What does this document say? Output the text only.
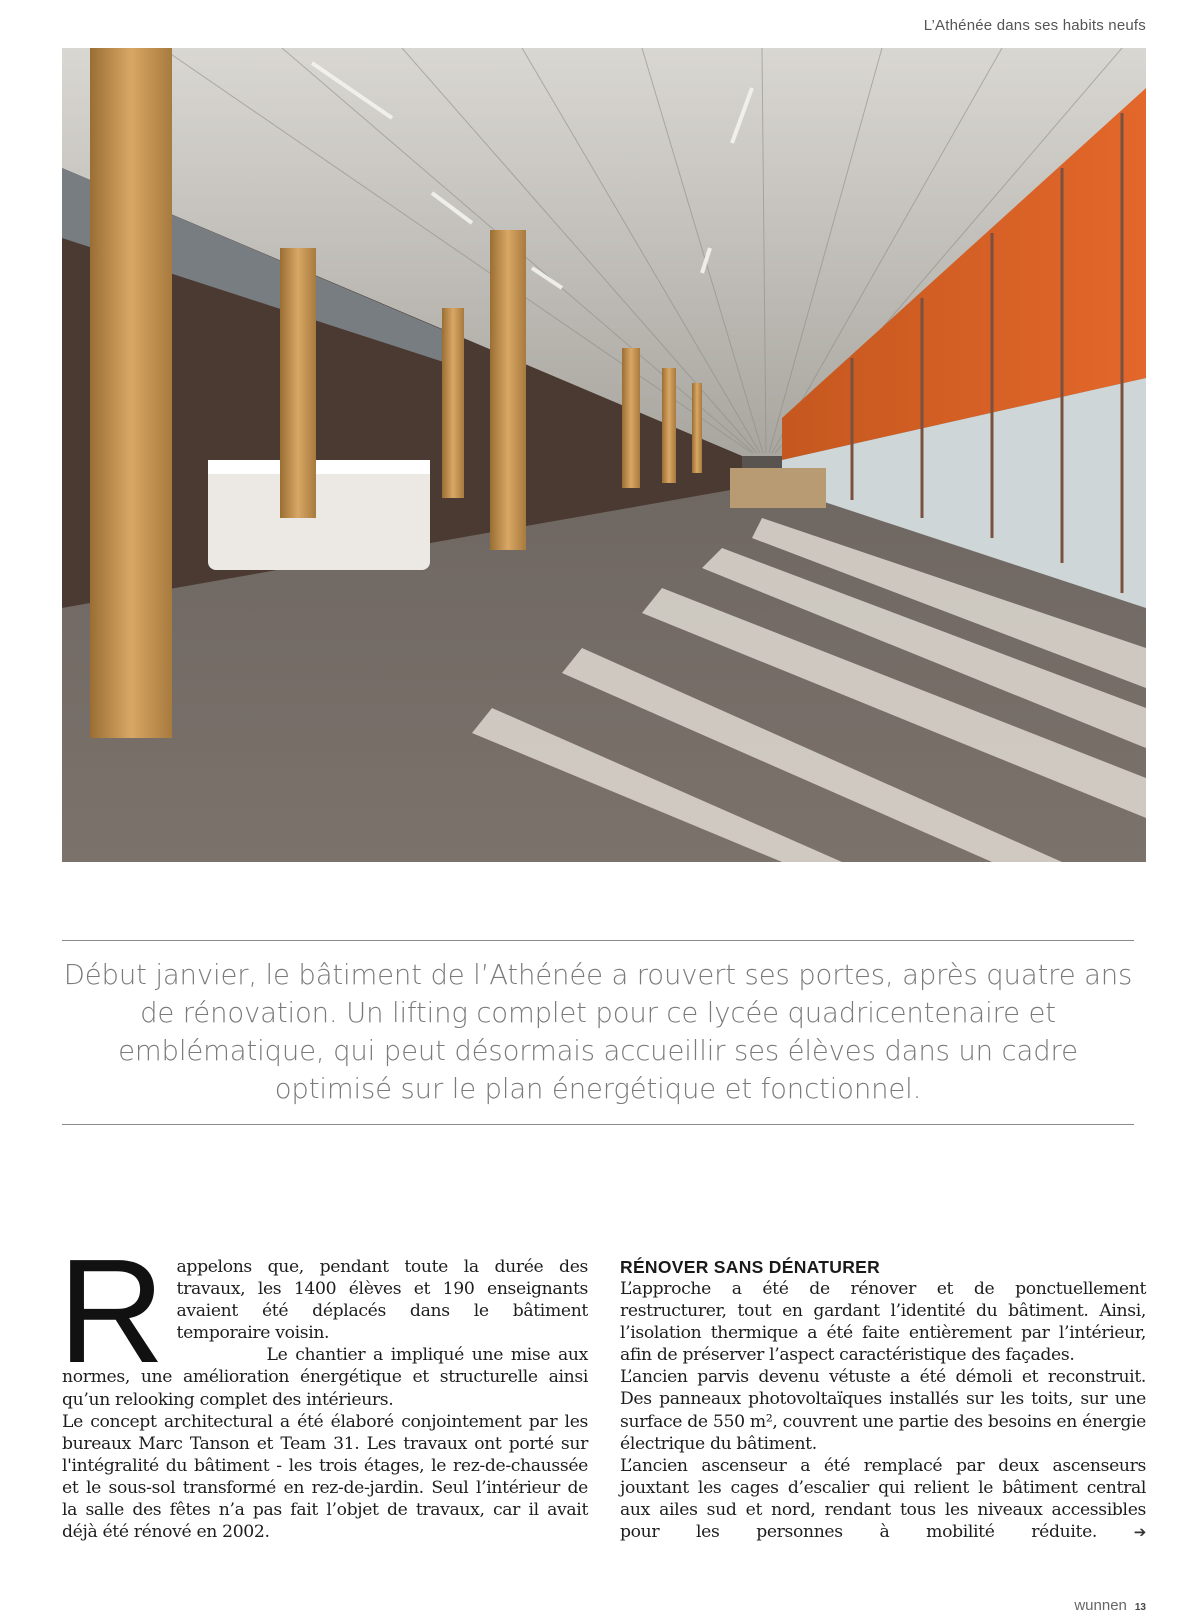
L’Athénée dans ses habits neufs

Début janvier, le bâtiment de l’Athénée a rouvert ses portes, après quatre ans de rénovation. Un lifting complet pour ce lycée quadricentenaire et emblématique, qui peut désormais accueillir ses élèves dans un cadre optimisé sur le plan énergétique et fonctionnel.

R appelons que, pendant toute la durée des travaux, les 1400 élèves et 190 enseignants avaient été déplacés dans le bâtiment temporaire voisin.

Le chantier a impliqué une mise aux normes, une amélioration énergétique et structurelle ainsi qu’un relooking complet des intérieurs.

Le concept architectural a été élaboré conjointement par les bureaux Marc Tanson et Team 31. Les travaux ont porté sur l'intégralité du bâtiment - les trois étages, le rez-de-chaussée et le sous-sol transformé en rez-de-jardin. Seul l’intérieur de la salle des fêtes n’a pas fait l’objet de travaux, car il avait déjà été rénové en 2002.

RÉNOVER SANS DÉNATURER

L’approche a été de rénover et de ponctuellement restructurer, tout en gardant l’identité du bâtiment. Ainsi, l’isolation thermique a été faite entièrement par l’intérieur, afin de préserver l’aspect caractéristique des façades.

L’ancien parvis devenu vétuste a été démoli et reconstruit. Des panneaux photovoltaïques installés sur les toits, sur une surface de 550 m², couvrent une partie des besoins en énergie électrique du bâtiment.

L’ancien ascenseur a été remplacé par deux ascenseurs jouxtant les cages d’escalier qui relient le bâtiment central aux ailes sud et nord, rendant tous les niveaux accessibles pour les personnes à mobilité réduite. ➔

wunnen 13
